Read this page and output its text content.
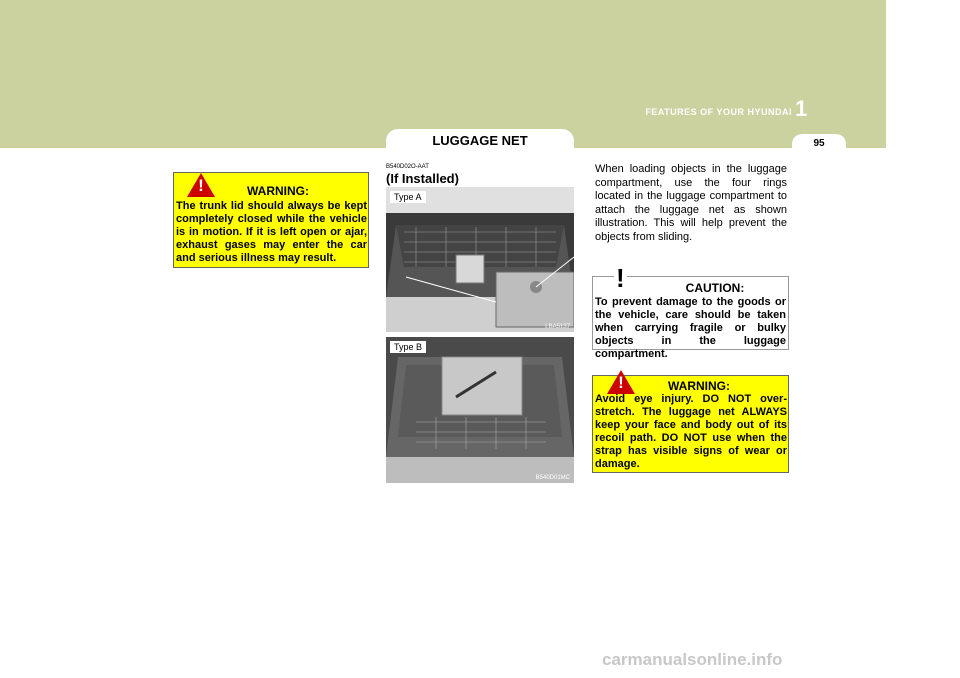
FEATURES OF YOUR HYUNDAI 1
95
LUGGAGE NET
!	WARNING:
The trunk lid should always be kept completely closed while the vehicle is in motion. If it is left open or ajar, exhaust gases may enter the car and serious illness may result.
B540D02O-AAT
(If Installed)
Type A
LBA5137
Type B
B540D01MC
When loading objects in the luggage compartment, use the four rings located in the luggage compartment to attach the luggage net as shown illustration. This will help prevent the objects from sliding.
!	CAUTION:
To prevent damage to the goods or the vehicle, care should be taken when carrying fragile or bulky objects in the luggage compartment.
!	WARNING:
Avoid eye injury. DO NOT over-stretch. The luggage net ALWAYS keep your face and body out of its recoil path. DO NOT use when the strap has visible signs of wear or damage.
carmanualsonline.info
